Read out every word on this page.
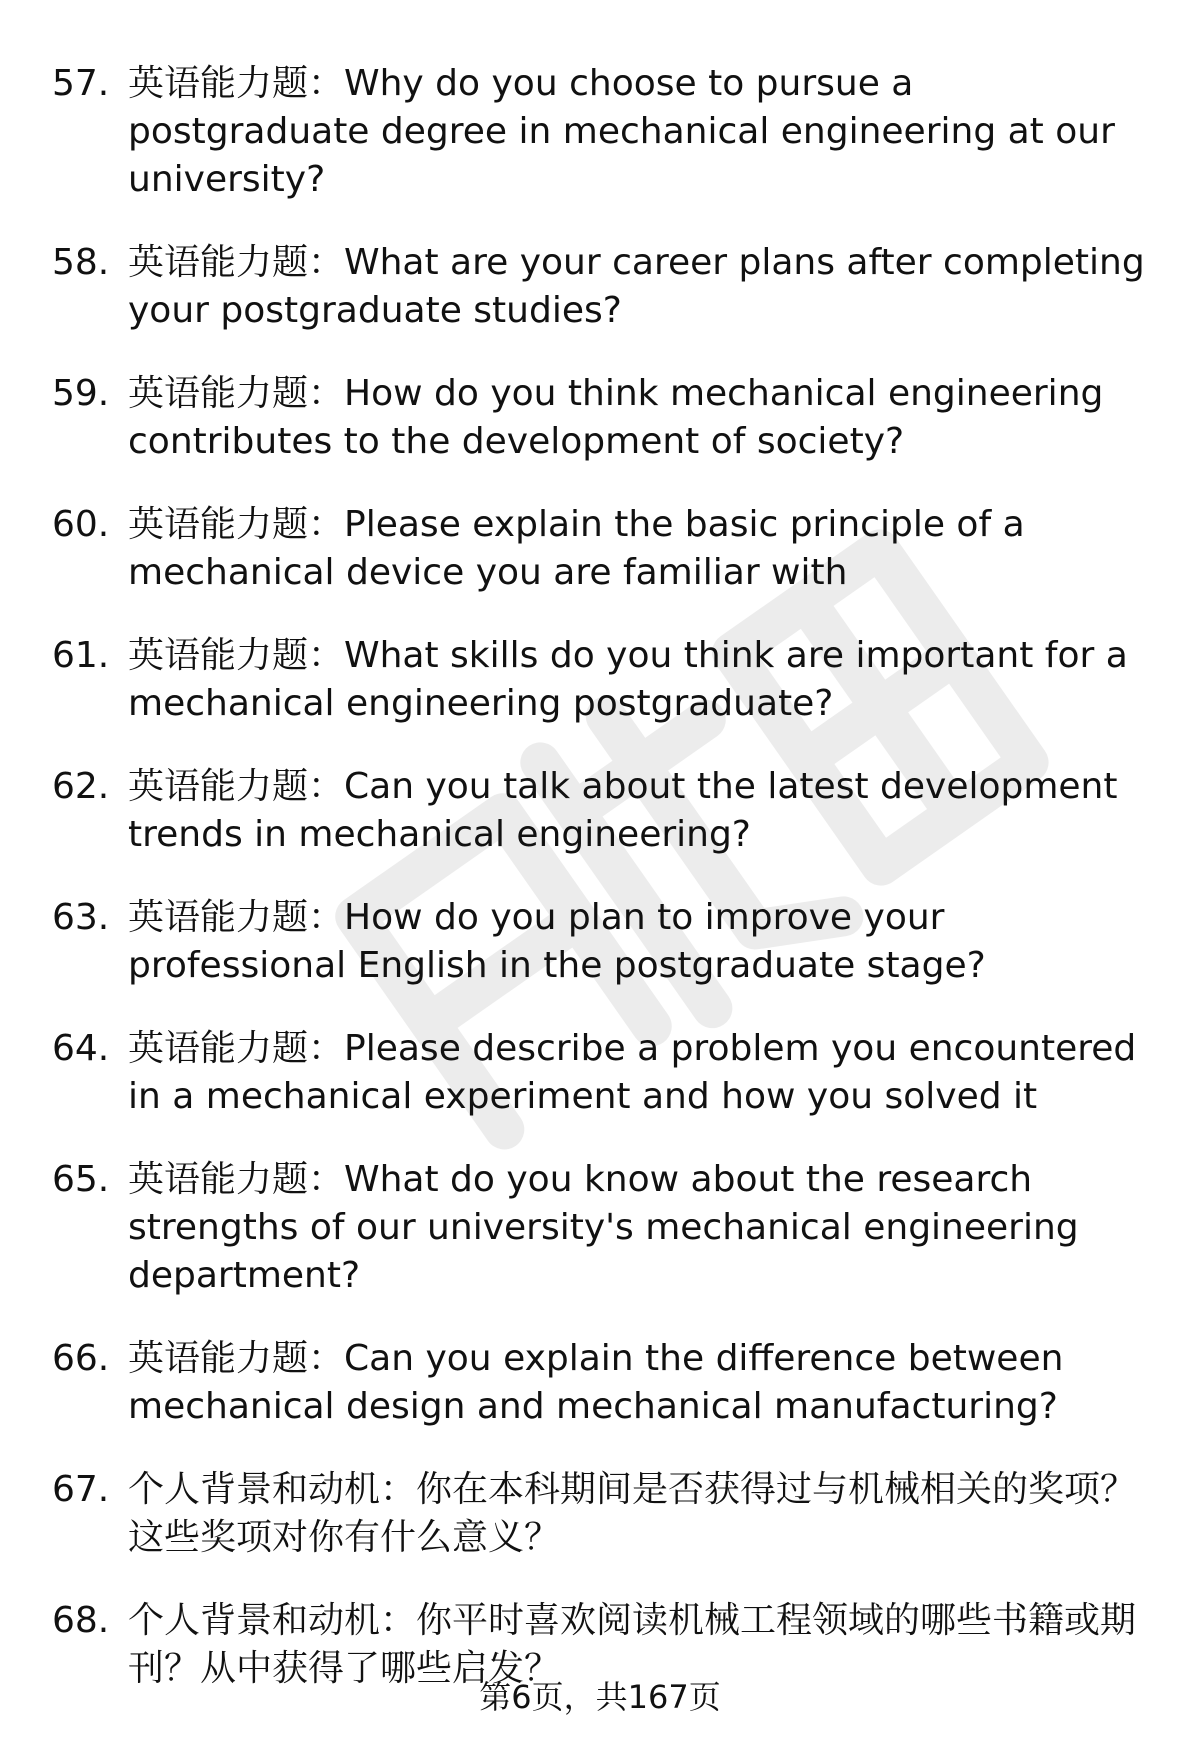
57. 英语能力题：Why do you choose to pursue a postgraduate degree in mechanical engineering at our university?
58. 英语能力题：What are your career plans after completing your postgraduate studies?
59. 英语能力题：How do you think mechanical engineering contributes to the development of society?
60. 英语能力题：Please explain the basic principle of a mechanical device you are familiar with
61. 英语能力题：What skills do you think are important for a mechanical engineering postgraduate?
62. 英语能力题：Can you talk about the latest development trends in mechanical engineering?
63. 英语能力题：How do you plan to improve your professional English in the postgraduate stage?
64. 英语能力题：Please describe a problem you encountered in a mechanical experiment and how you solved it
65. 英语能力题：What do you know about the research strengths of our university's mechanical engineering department?
66. 英语能力题：Can you explain the difference between mechanical design and mechanical manufacturing?
67. 个人背景和动机：你在本科期间是否获得过与机械相关的奖项？这些奖项对你有什么意义？
68. 个人背景和动机：你平时喜欢阅读机械工程领域的哪些书籍或期刊？从中获得了哪些启发？
第6页，共167页
